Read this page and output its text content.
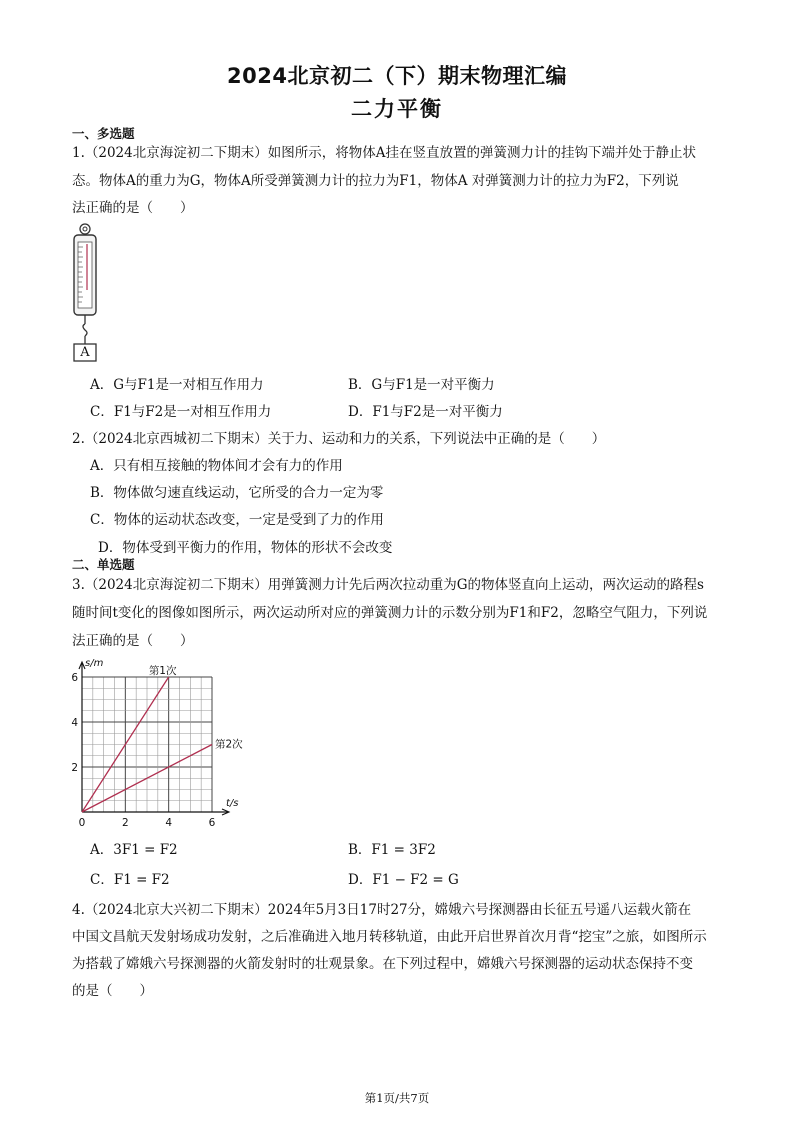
2024北京初二（下）期末物理汇编
二力平衡
一、多选题
1.（2024北京海淀初二下期末）如图所示，将物体A挂在竖直放置的弹簧测力计的挂钩下端并处于静止状
态。物体A的重力为G，物体A所受弹簧测力计的拉力为F1，物体A 对弹簧测力计的拉力为F2，下列说
法正确的是（　　）
A
A．G与F1是一对相互作用力	B．G与F1是一对平衡力
C．F1与F2是一对相互作用力	D．F1与F2是一对平衡力
2.（2024北京西城初二下期末）关于力、运动和力的关系，下列说法中正确的是（　　）
A．只有相互接触的物体间才会有力的作用
B．物体做匀速直线运动，它所受的合力一定为零
C．物体的运动状态改变，一定是受到了力的作用
D．物体受到平衡力的作用，物体的形状不会改变
二、单选题
3.（2024北京海淀初二下期末）用弹簧测力计先后两次拉动重为G的物体竖直向上运动，两次运动的路程s
随时间t变化的图像如图所示，两次运动所对应的弹簧测力计的示数分别为F1和F2，忽略空气阻力，下列说
法正确的是（　　）
0	2	4	6
2
4
6
s/m
t/s
第1次
第2次
A．3F1 = F2	B．F1 = 3F2
C．F1 = F2	D．F1 − F2 = G
4.（2024北京大兴初二下期末）2024年5月3日17时27分，嫦娥六号探测器由长征五号遥八运载火箭在
中国文昌航天发射场成功发射，之后准确进入地月转移轨道，由此开启世界首次月背“挖宝”之旅，如图所示
为搭载了嫦娥六号探测器的火箭发射时的壮观景象。在下列过程中，嫦娥六号探测器的运动状态保持不变
的是（　　）
第1页/共7页
